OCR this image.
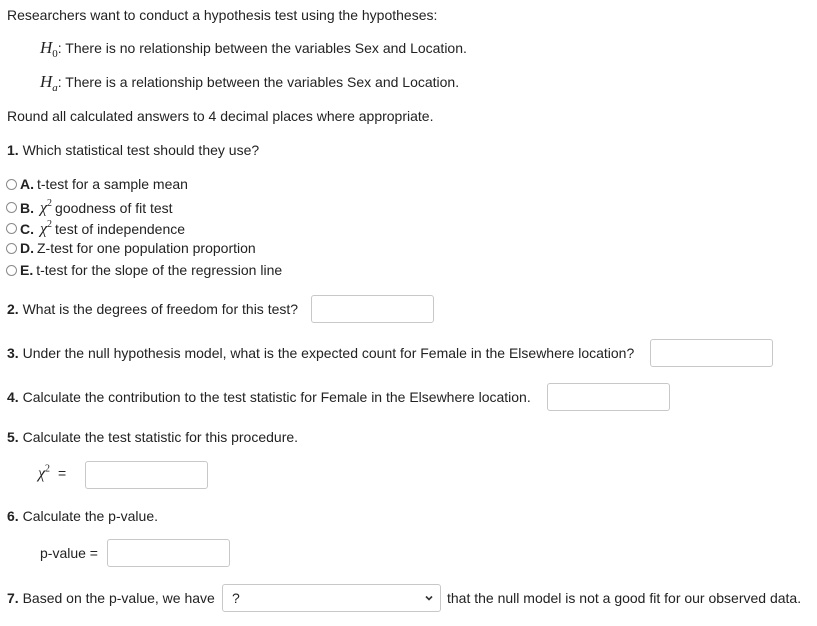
Researchers want to conduct a hypothesis test using the hypotheses:
$H_0$: There is no relationship between the variables Sex and Location.
$H_a$: There is a relationship between the variables Sex and Location.
Round all calculated answers to 4 decimal places where appropriate.
1. Which statistical test should they use?
A. t-test for a sample mean
B. $\chi^2$ goodness of fit test
C. $\chi^2$ test of independence
D. Z-test for one population proportion
E. t-test for the slope of the regression line
2. What is the degrees of freedom for this test?
3. Under the null hypothesis model, what is the expected count for Female in the Elsewhere location?
4. Calculate the contribution to the test statistic for Female in the Elsewhere location.
5. Calculate the test statistic for this procedure.
$\chi^2$ =
6. Calculate the p-value.
p-value =
7. Based on the p-value, we have	?	that the null model is not a good fit for our observed data.
